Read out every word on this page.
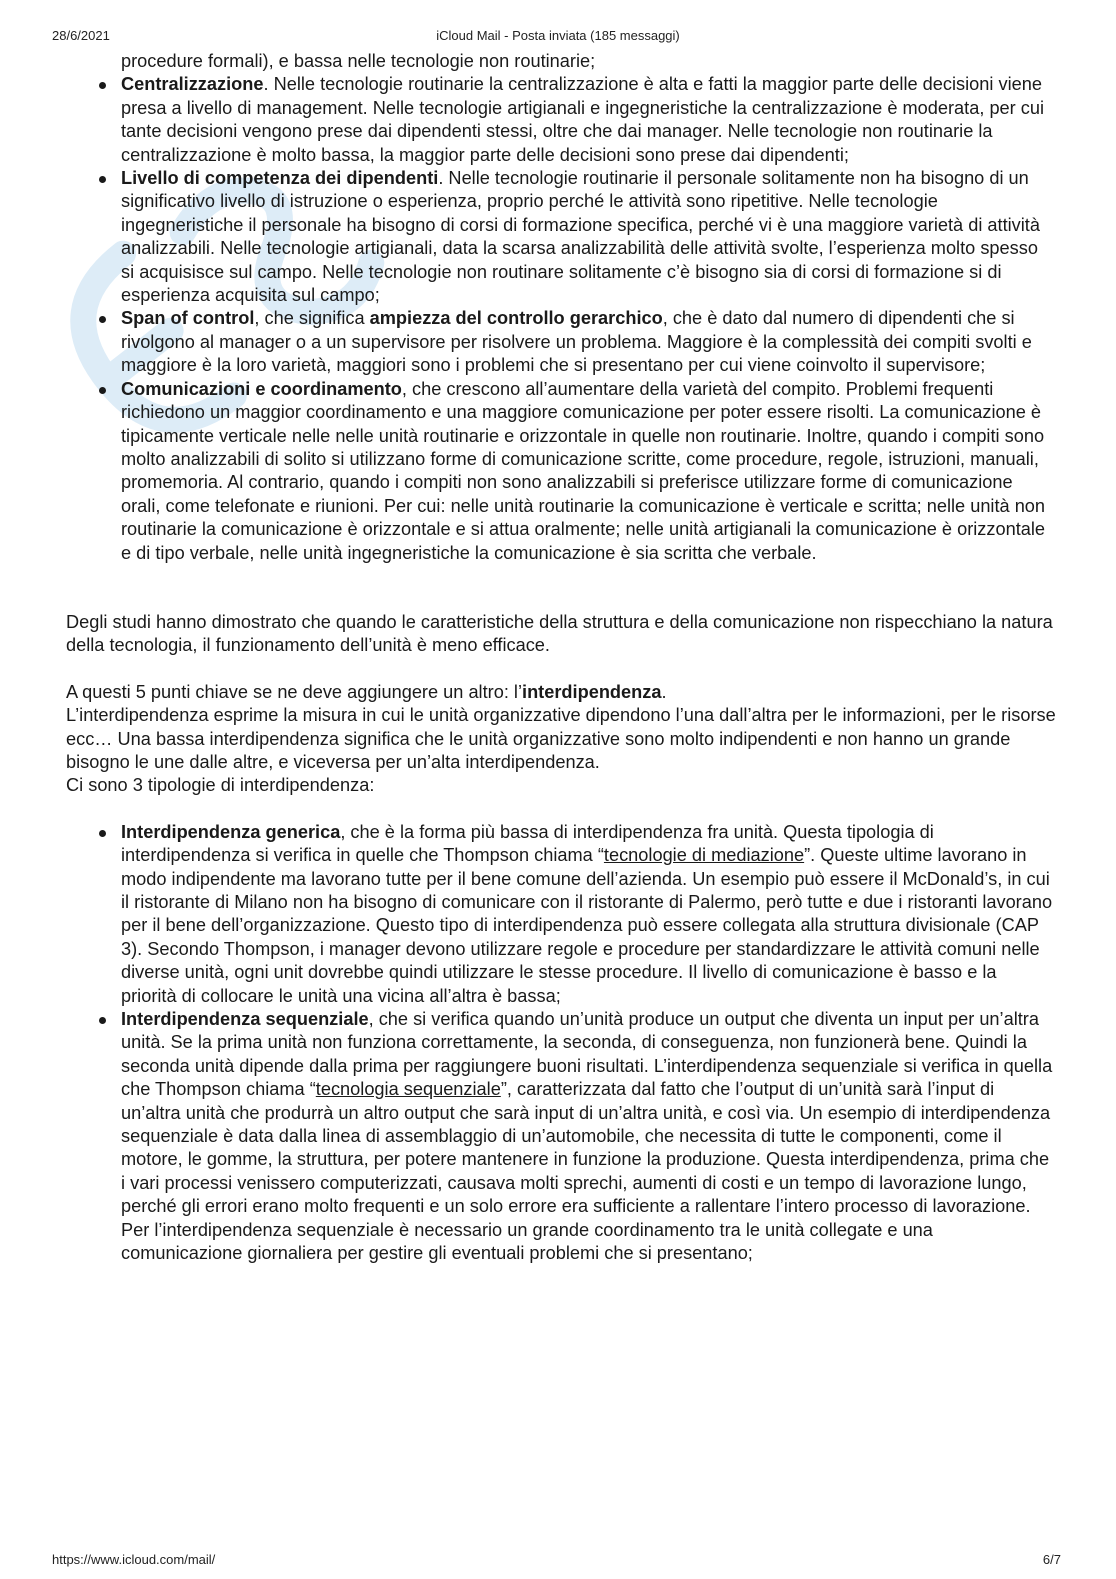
28/6/2021	iCloud Mail - Posta inviata (185 messaggi)

procedure formali), e bassa nelle tecnologie non routinarie;

Centralizzazione. Nelle tecnologie routinarie la centralizzazione è alta e fatti la maggior parte delle decisioni viene presa a livello di management. Nelle tecnologie artigianali e ingegneristiche la centralizzazione è moderata, per cui tante decisioni vengono prese dai dipendenti stessi, oltre che dai manager. Nelle tecnologie non routinarie la centralizzazione è molto bassa, la maggior parte delle decisioni sono prese dai dipendenti;
Livello di competenza dei dipendenti. Nelle tecnologie routinarie il personale solitamente non ha bisogno di un significativo livello di istruzione o esperienza, proprio perché le attività sono ripetitive. Nelle tecnologie ingegneristiche il personale ha bisogno di corsi di formazione specifica, perché vi è una maggiore varietà di attività analizzabili. Nelle tecnologie artigianali, data la scarsa analizzabilità delle attività svolte, l’esperienza molto spesso si acquisisce sul campo. Nelle tecnologie non routinare solitamente c’è bisogno sia di corsi di formazione si di esperienza acquisita sul campo;
Span of control, che significa ampiezza del controllo gerarchico, che è dato dal numero di dipendenti che si rivolgono al manager o a un supervisore per risolvere un problema. Maggiore è la complessità dei compiti svolti e maggiore è la loro varietà, maggiori sono i problemi che si presentano per cui viene coinvolto il supervisore;
Comunicazioni e coordinamento, che crescono all’aumentare della varietà del compito. Problemi frequenti richiedono un maggior coordinamento e una maggiore comunicazione per poter essere risolti. La comunicazione è tipicamente verticale nelle nelle unità routinarie e orizzontale in quelle non routinarie. Inoltre, quando i compiti sono molto analizzabili di solito si utilizzano forme di comunicazione scritte, come procedure, regole, istruzioni, manuali, promemoria. Al contrario, quando i compiti non sono analizzabili si preferisce utilizzare forme di comunicazione orali, come telefonate e riunioni. Per cui: nelle unità routinarie la comunicazione è verticale e scritta; nelle unità non routinarie la comunicazione è orizzontale e si attua oralmente; nelle unità artigianali la comunicazione è orizzontale e di tipo verbale, nelle unità ingegneristiche la comunicazione è sia scritta che verbale.

Degli studi hanno dimostrato che quando le caratteristiche della struttura e della comunicazione non rispecchiano la natura della tecnologia, il funzionamento dell’unità è meno efficace.

A questi 5 punti chiave se ne deve aggiungere un altro: l’interdipendenza.

L’interdipendenza esprime la misura in cui le unità organizzative dipendono l’una dall’altra per le informazioni, per le risorse ecc… Una bassa interdipendenza significa che le unità organizzative sono molto indipendenti e non hanno un grande bisogno le une dalle altre, e viceversa per un’alta interdipendenza.

Ci sono 3 tipologie di interdipendenza:

Interdipendenza generica, che è la forma più bassa di interdipendenza fra unità. Questa tipologia di interdipendenza si verifica in quelle che Thompson chiama “tecnologie di mediazione”. Queste ultime lavorano in modo indipendente ma lavorano tutte per il bene comune dell’azienda. Un esempio può essere il McDonald’s, in cui il ristorante di Milano non ha bisogno di comunicare con il ristorante di Palermo, però tutte e due i ristoranti lavorano per il bene dell’organizzazione. Questo tipo di interdipendenza può essere collegata alla struttura divisionale (CAP 3). Secondo Thompson, i manager devono utilizzare regole e procedure per standardizzare le attività comuni nelle diverse unità, ogni unit dovrebbe quindi utilizzare le stesse procedure. Il livello di comunicazione è basso e la priorità di collocare le unità una vicina all’altra è bassa;
Interdipendenza sequenziale, che si verifica quando un’unità produce un output che diventa un input per un’altra unità. Se la prima unità non funziona correttamente, la seconda, di conseguenza, non funzionerà bene. Quindi la seconda unità dipende dalla prima per raggiungere buoni risultati. L’interdipendenza sequenziale si verifica in quella che Thompson chiama “tecnologia sequenziale”, caratterizzata dal fatto che l’output di un’unità sarà l’input di un’altra unità che produrrà un altro output che sarà input di un’altra unità, e così via. Un esempio di interdipendenza sequenziale è data dalla linea di assemblaggio di un’automobile, che necessita di tutte le componenti, come il motore, le gomme, la struttura, per potere mantenere in funzione la produzione. Questa interdipendenza, prima che i vari processi venissero computerizzati, causava molti sprechi, aumenti di costi e un tempo di lavorazione lungo, perché gli errori erano molto frequenti e un solo errore era sufficiente a rallentare l’intero processo di lavorazione. Per l’interdipendenza sequenziale è necessario un grande coordinamento tra le unità collegate e una comunicazione giornaliera per gestire gli eventuali problemi che si presentano;
https://www.icloud.com/mail/	6/7
